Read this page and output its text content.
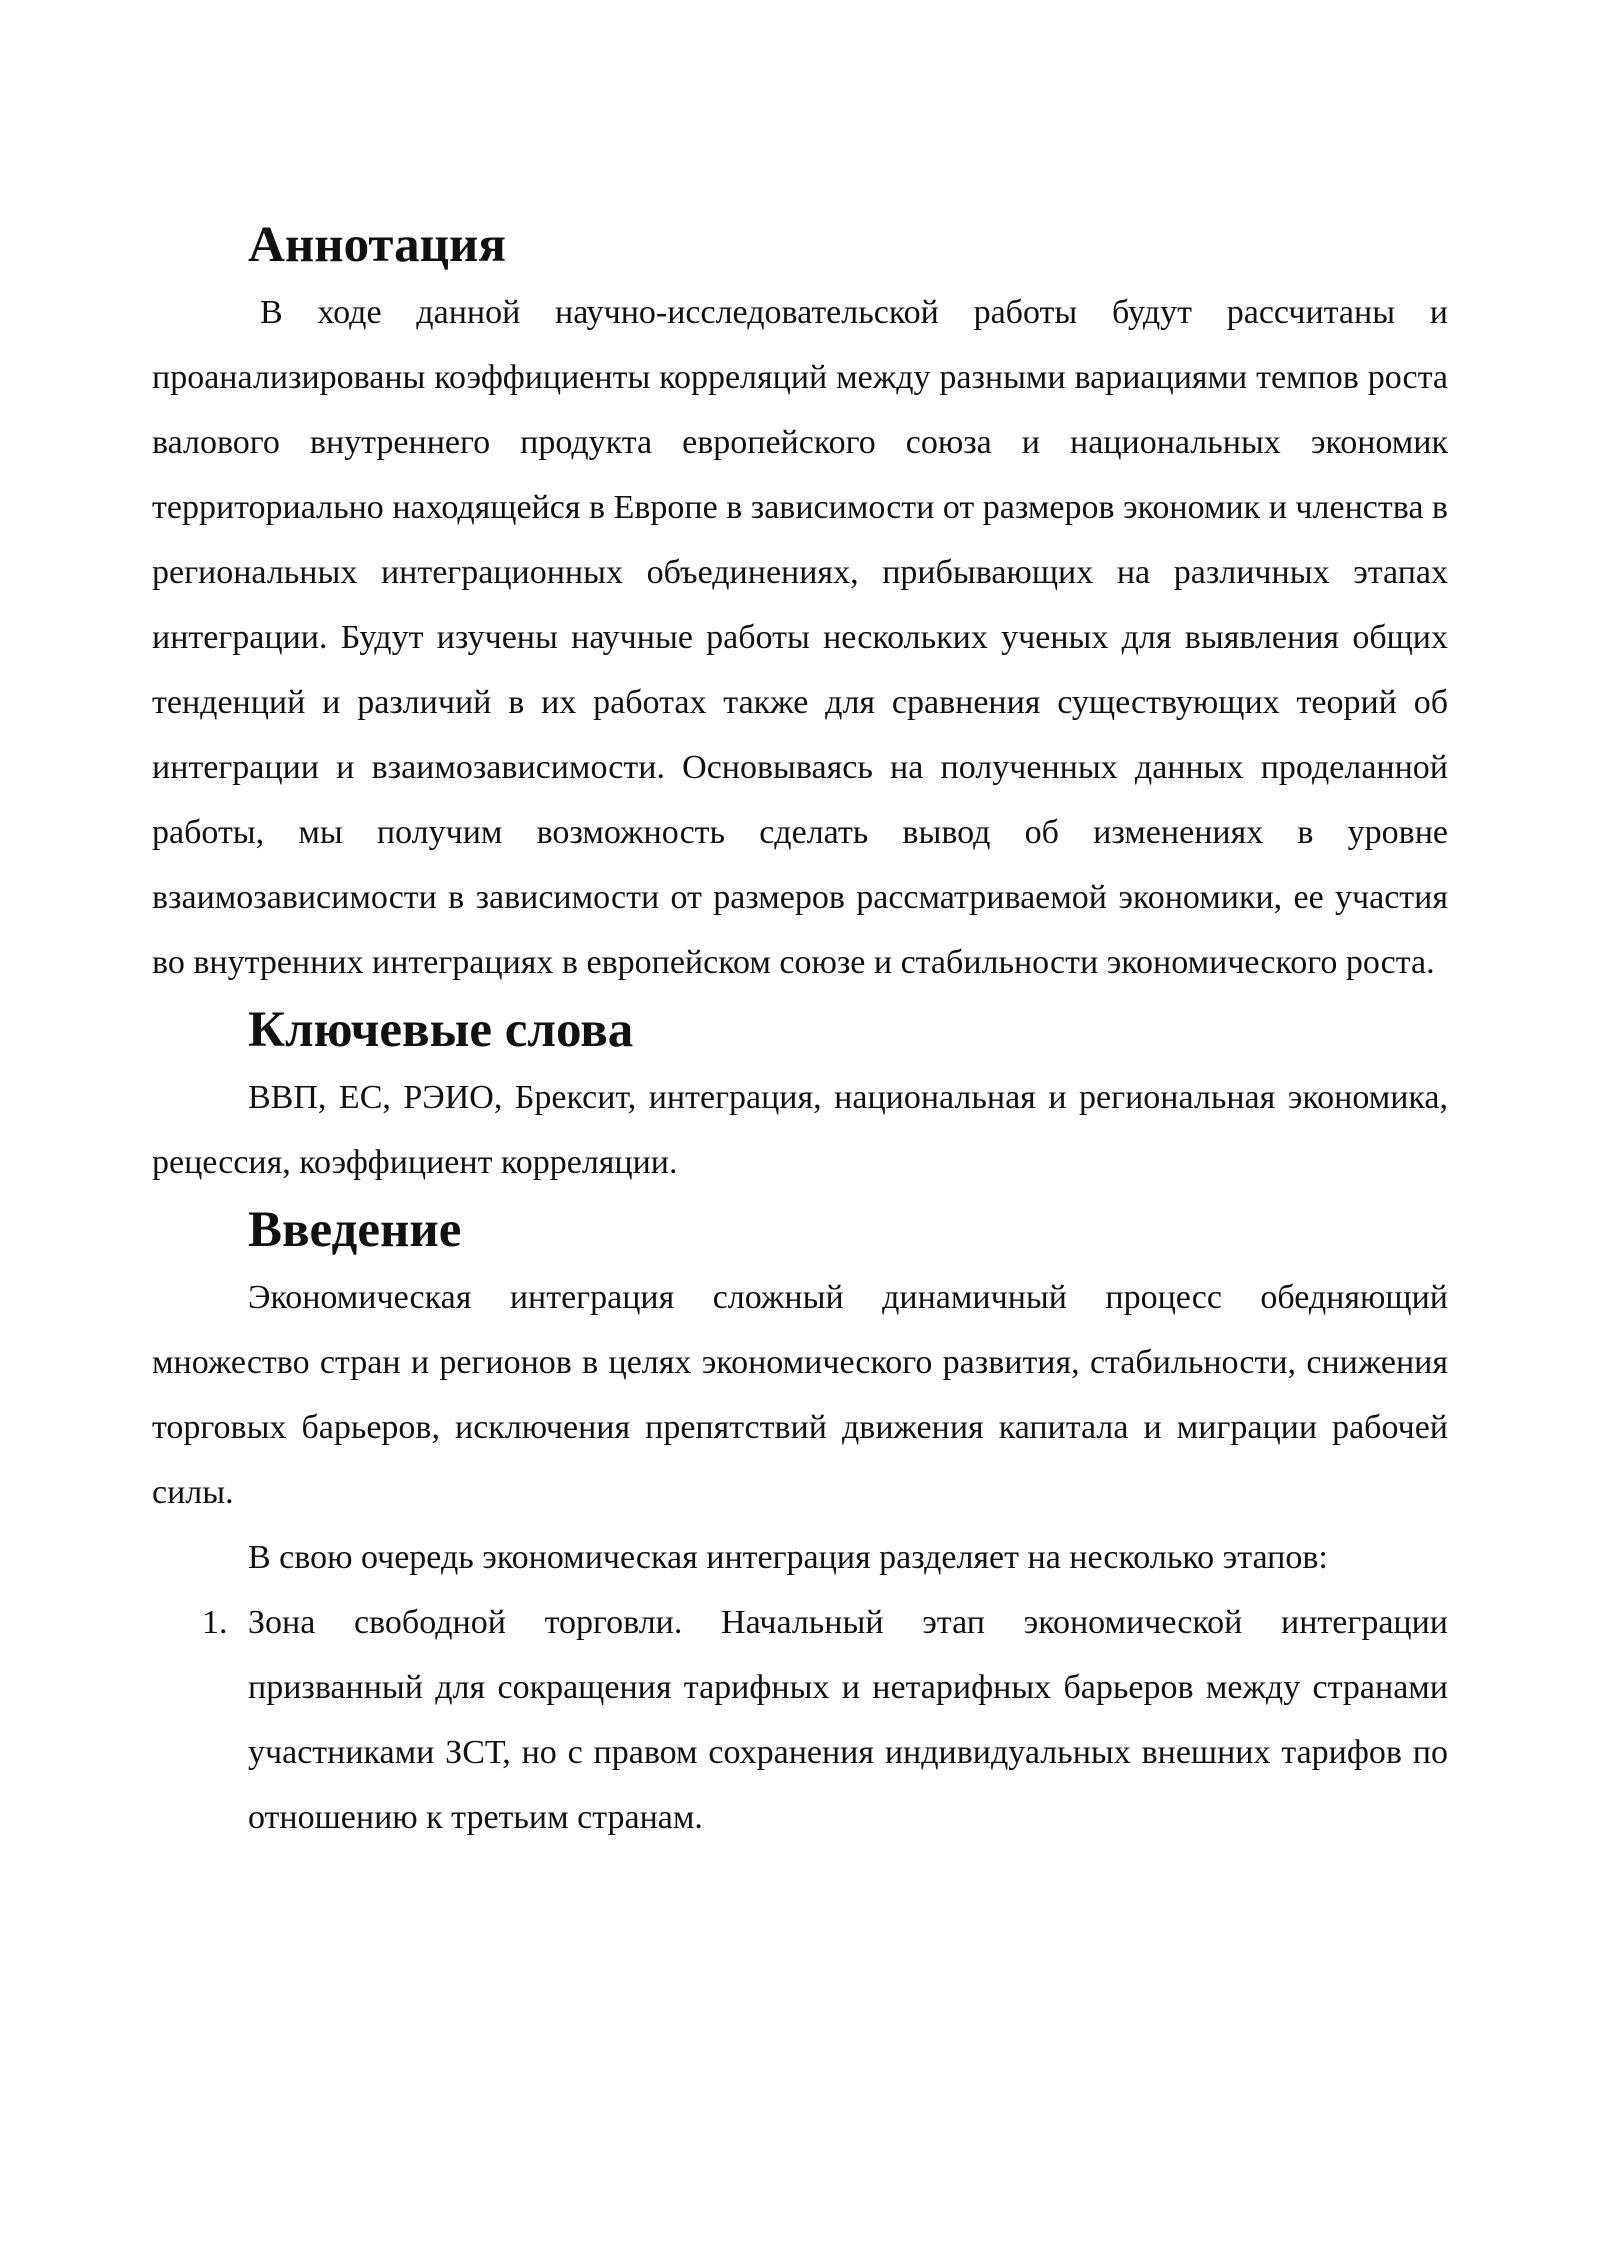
Аннотация

В ходе данной научно-исследовательской работы будут рассчитаны и проанализированы коэффициенты корреляций между разными вариациями темпов роста валового внутреннего продукта европейского союза и национальных экономик территориально находящейся в Европе в зависимости от размеров экономик и членства в региональных интеграционных объединениях, прибывающих на различных этапах интеграции. Будут изучены научные работы нескольких ученых для выявления общих тенденций и различий в их работах также для сравнения существующих теорий об интеграции и взаимозависимости. Основываясь на полученных данных проделанной работы, мы получим возможность сделать вывод об изменениях в уровне взаимозависимости в зависимости от размеров рассматриваемой экономики, ее участия во внутренних интеграциях в европейском союзе и стабильности экономического роста.

Ключевые слова

ВВП, ЕС, РЭИО, Брексит, интеграция, национальная и региональная экономика, рецессия, коэффициент корреляции.

Введение

Экономическая интеграция сложный динамичный процесс обедняющий множество стран и регионов в целях экономического развития, стабильности, снижения торговых барьеров, исключения препятствий движения капитала и миграции рабочей силы.

В свою очередь экономическая интеграция разделяет на несколько этапов:

1. Зона свободной торговли. Начальный этап экономической интеграции призванный для сокращения тарифных и нетарифных барьеров между странами участниками ЗСТ, но с правом сохранения индивидуальных внешних тарифов по отношению к третьим странам.
